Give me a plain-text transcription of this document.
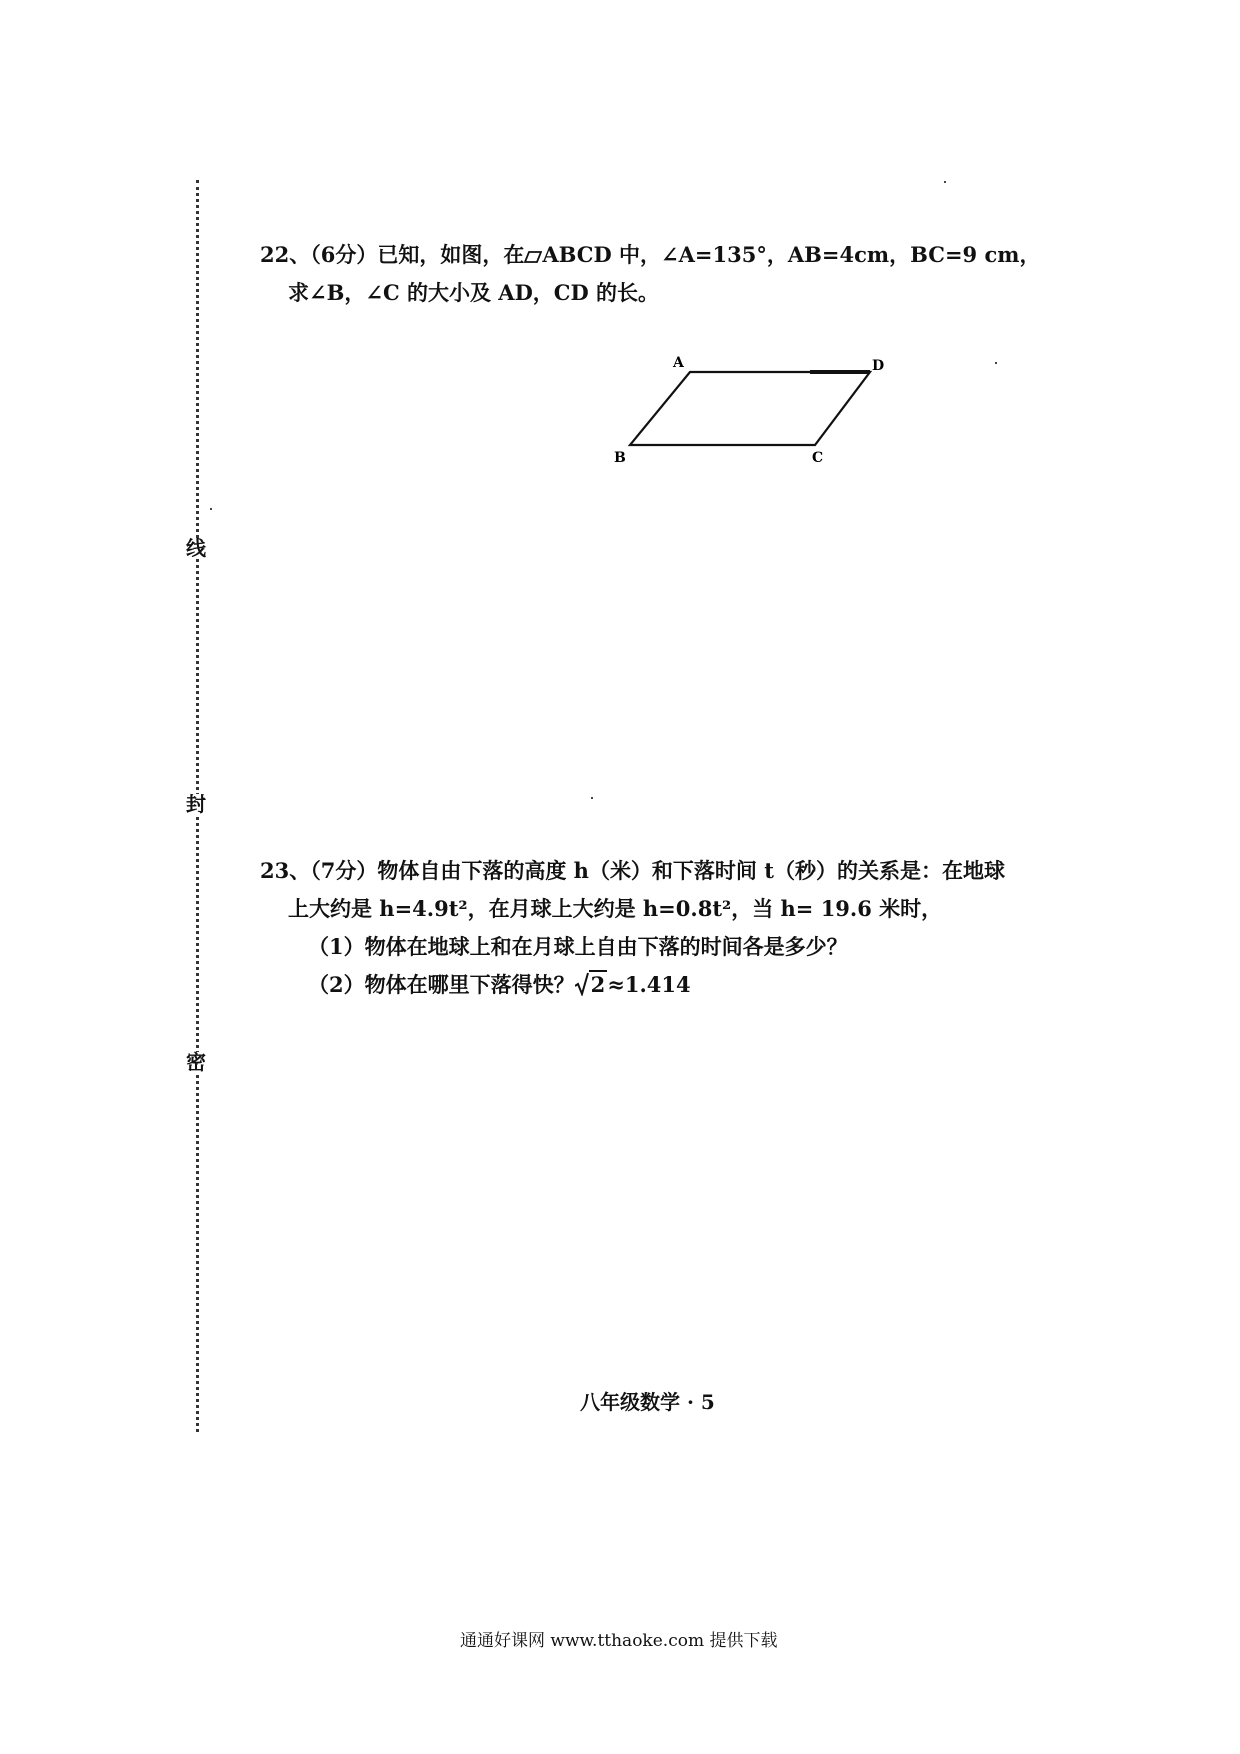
线
封
密
22、（6分）已知，如图，在 ABCD 中，∠A=135°，AB=4cm，BC=9 cm，
求∠B，∠C 的大小及 AD，CD 的长。
A	D
B	C
23、（7分）物体自由下落的高度 h（米）和下落时间 t（秒）的关系是：在地球
上大约是 h=4.9t²，在月球上大约是 h=0.8t²，当 h= 19.6 米时，
（1）物体在地球上和在月球上自由下落的时间各是多少？
（2）物体在哪里下落得快？ 2≈1.414
八年级数学 · 5
通通好课网 www.tthaoke.com 提供下载
